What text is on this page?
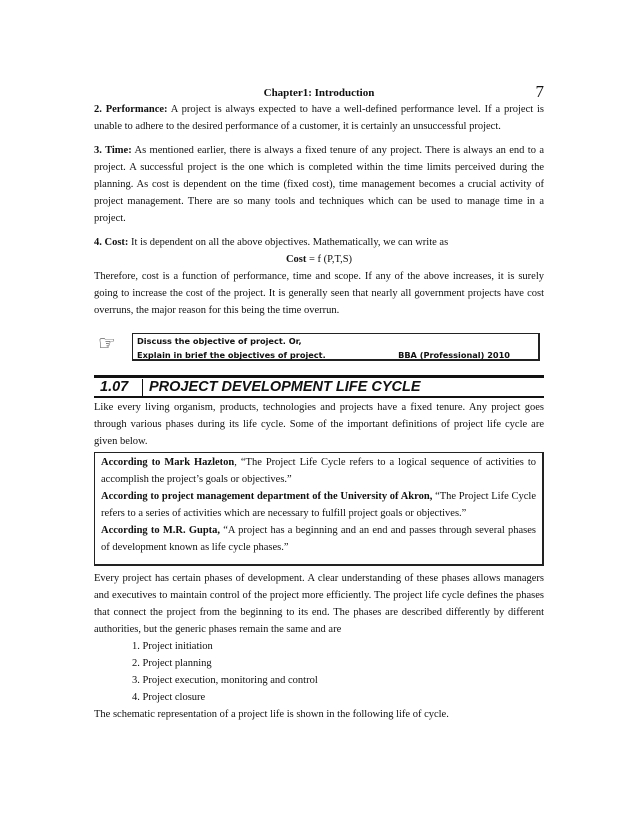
Chapter1: Introduction	7

2. Performance: A project is always expected to have a well-defined performance level. If a project is unable to adhere to the desired performance of a customer, it is certainly an unsuccessful project.

3. Time: As mentioned earlier, there is always a fixed tenure of any project. There is always an end to a project. A successful project is the one which is completed within the time limits perceived during the planning. As cost is dependent on the time (fixed cost), time management becomes a crucial activity of project management. There are so many tools and techniques which can be used to manage time in a project.

4. Cost: It is dependent on all the above objectives. Mathematically, we can write as

Cost = f (P,T,S)

Therefore, cost is a function of performance, time and scope. If any of the above increases, it is surely going to increase the cost of the project. It is generally seen that nearly all government projects have cost overruns, the major reason for this being the time overrun.

☞	Discuss the objective of project. Or,
Explain in brief the objectives of project.	BBA (Professional) 2010
1.07 PROJECT DEVELOPMENT LIFE CYCLE
Like every living organism, products, technologies and projects have a fixed tenure. Any project goes through various phases during its life cycle. Some of the important definitions of project life cycle are given below.

According to Mark Hazleton, “The Project Life Cycle refers to a logical sequence of activities to accomplish the project’s goals or objectives.”

According to project management department of the University of Akron, “The Project Life Cycle refers to a series of activities which are necessary to fulfill project goals or objectives.”

According to M.R. Gupta, “A project has a beginning and an end and passes through several phases of development known as life cycle phases.”

Every project has certain phases of development. A clear understanding of these phases allows managers and executives to maintain control of the project more efficiently. The project life cycle defines the phases that connect the project from the beginning to its end. The phases are described differently by different authorities, but the generic phases remain the same and are

1. Project initiation
2. Project planning
3. Project execution, monitoring and control
4. Project closure

The schematic representation of a project life is shown in the following life of cycle.
